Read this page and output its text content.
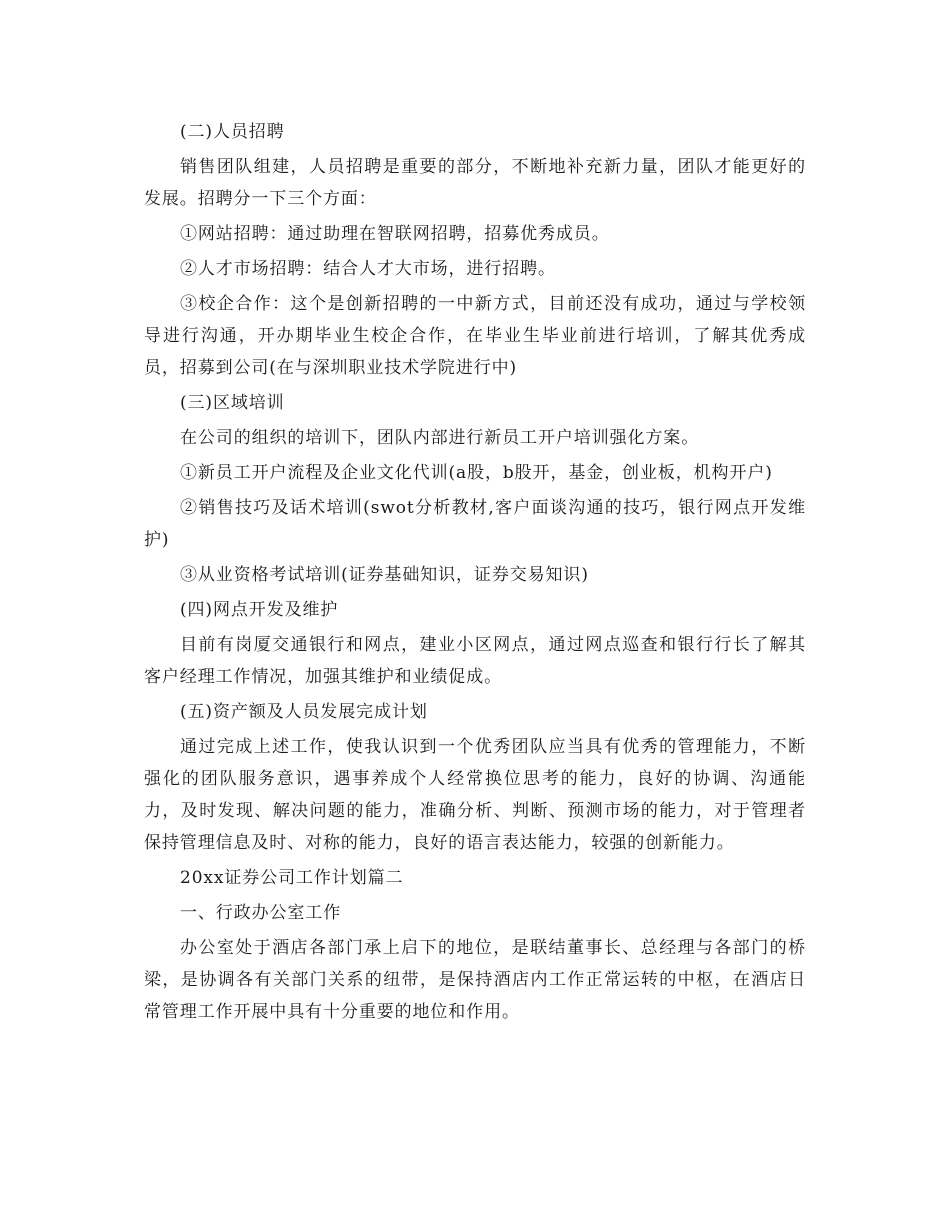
(二)人员招聘

销售团队组建，人员招聘是重要的部分，不断地补充新力量，团队才能更好的发展。招聘分一下三个方面：

①网站招聘：通过助理在智联网招聘，招募优秀成员。

②人才市场招聘：结合人才大市场，进行招聘。

③校企合作：这个是创新招聘的一中新方式，目前还没有成功，通过与学校领导进行沟通，开办期毕业生校企合作，在毕业生毕业前进行培训，了解其优秀成员，招募到公司(在与深圳职业技术学院进行中)

(三)区域培训

在公司的组织的培训下，团队内部进行新员工开户培训强化方案。

①新员工开户流程及企业文化代训(a股，b股开，基金，创业板，机构开户)

②销售技巧及话术培训(swot分析教材,客户面谈沟通的技巧，银行网点开发维护)

③从业资格考试培训(证券基础知识，证券交易知识)

(四)网点开发及维护

目前有岗厦交通银行和网点，建业小区网点，通过网点巡查和银行行长了解其客户经理工作情况，加强其维护和业绩促成。

(五)资产额及人员发展完成计划

通过完成上述工作，使我认识到一个优秀团队应当具有优秀的管理能力，不断强化的团队服务意识，遇事养成个人经常换位思考的能力，良好的协调、沟通能力，及时发现、解决问题的能力，准确分析、判断、预测市场的能力，对于管理者保持管理信息及时、对称的能力，良好的语言表达能力，较强的创新能力。

20xx证券公司工作计划篇二

一、行政办公室工作

办公室处于酒店各部门承上启下的地位，是联结董事长、总经理与各部门的桥梁，是协调各有关部门关系的纽带，是保持酒店内工作正常运转的中枢，在酒店日常管理工作开展中具有十分重要的地位和作用。
